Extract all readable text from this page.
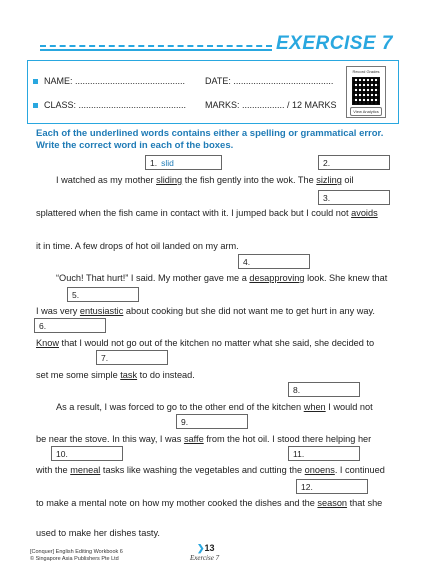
EXERCISE 7
NAME: ............................................ DATE: ........................................
CLASS: ........................................... MARKS: ................. / 12 MARKS
Record Grades
View Analytics
Each of the underlined words contains either a spelling or grammatical error. Write the correct word in each of the boxes.
1. slid	2.
3.
4.
5.
6.
7.
8.
9.
10.	11.
12.
I watched as my mother sliding the fish gently into the wok. The sizling oil
splattered when the fish came in contact with it. I jumped back but I could not avoids
it in time. A few drops of hot oil landed on my arm.
“Ouch! That hurt!” I said. My mother gave me a desapproving look. She knew that
I was very entusiastic about cooking but she did not want me to get hurt in any way.
Know that I would not go out of the kitchen no matter what she said, she decided to
set me some simple task to do instead.
As a result, I was forced to go to the other end of the kitchen when I would not
be near the stove. In this way, I was saffe from the hot oil. I stood there helping her
with the meneal tasks like washing the vegetables and cutting the onoens. I continued
to make a mental note on how my mother cooked the dishes and the season that she
used to make her dishes tasty.
[Conquer] English Editing Workbook 6
© Singapore Asia Publishers Pte Ltd
❯13
Exercise 7
